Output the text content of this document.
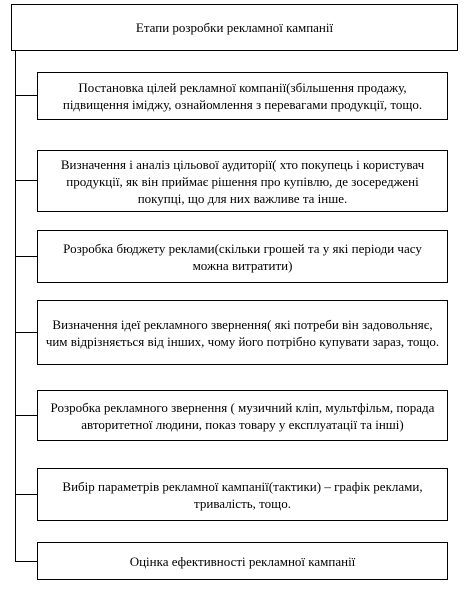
Етапи розробки рекламної кампанії
Постановка цілей рекламної компанії(збільшення продажу, підвищення іміджу, ознайомлення з перевагами продукції, тощо.
Визначення і аналіз цільової аудиторії( хто покупець і користувач продукції, як він приймає рішення про купівлю, де зосереджені покупці, що для них важливе та інше.
Розробка бюджету реклами(скільки грошей та у які періоди часу можна витратити)
Визначення ідеї рекламного звернення( які потреби він задовольняє, чим відрізняється від інших, чому його потрібно купувати зараз, тощо.
Розробка рекламного звернення ( музичний кліп, мультфільм, порада авторитетної людини, показ товару у експлуатації та інші)
Вибір параметрів рекламної кампанії(тактики) – графік реклами, тривалість, тощо.
Оцінка ефективності рекламної кампанії
